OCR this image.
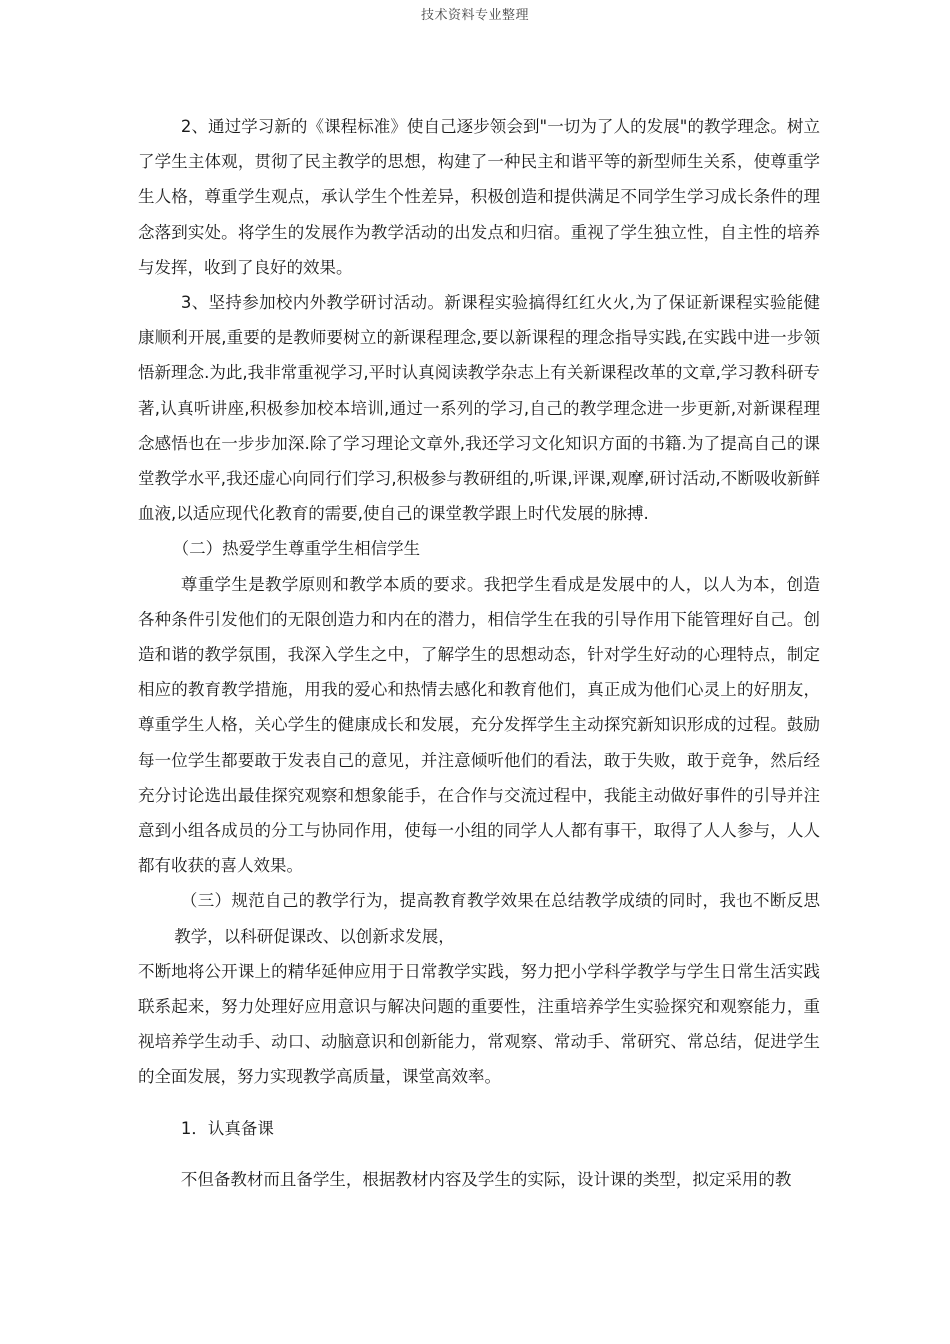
技术资料专业整理

2、通过学习新的《课程标准》使自己逐步领会到"一切为了人的发展"的教学理念。树立了学生主体观，贯彻了民主教学的思想，构建了一种民主和谐平等的新型师生关系，使尊重学生人格，尊重学生观点，承认学生个性差异，积极创造和提供满足不同学生学习成长条件的理念落到实处。将学生的发展作为教学活动的出发点和归宿。重视了学生独立性，自主性的培养与发挥，收到了良好的效果。

3、坚持参加校内外教学研讨活动。新课程实验搞得红红火火,为了保证新课程实验能健康顺利开展,重要的是教师要树立的新课程理念,要以新课程的理念指导实践,在实践中进一步领悟新理念.为此,我非常重视学习,平时认真阅读教学杂志上有关新课程改革的文章,学习教科研专著,认真听讲座,积极参加校本培训,通过一系列的学习,自己的教学理念进一步更新,对新课程理念感悟也在一步步加深.除了学习理论文章外,我还学习文化知识方面的书籍.为了提高自己的课堂教学水平,我还虚心向同行们学习,积极参与教研组的,听课,评课,观摩,研讨活动,不断吸收新鲜血液,以适应现代化教育的需要,使自己的课堂教学跟上时代发展的脉搏.

（二）热爱学生尊重学生相信学生

尊重学生是教学原则和教学本质的要求。我把学生看成是发展中的人，以人为本，创造各种条件引发他们的无限创造力和内在的潜力，相信学生在我的引导作用下能管理好自己。创造和谐的教学氛围，我深入学生之中，了解学生的思想动态，针对学生好动的心理特点，制定相应的教育教学措施，用我的爱心和热情去感化和教育他们，真正成为他们心灵上的好朋友，尊重学生人格，关心学生的健康成长和发展，充分发挥学生主动探究新知识形成的过程。鼓励每一位学生都要敢于发表自己的意见，并注意倾听他们的看法，敢于失败，敢于竞争，然后经充分讨论选出最佳探究观察和想象能手，在合作与交流过程中，我能主动做好事件的引导并注意到小组各成员的分工与协同作用，使每一小组的同学人人都有事干，取得了人人参与，人人都有收获的喜人效果。

（三）规范自己的教学行为，提高教育教学效果在总结教学成绩的同时，我也不断反思教学，以科研促课改、以创新求发展，

不断地将公开课上的精华延伸应用于日常教学实践，努力把小学科学教学与学生日常生活实践联系起来，努力处理好应用意识与解决问题的重要性，注重培养学生实验探究和观察能力，重视培养学生动手、动口、动脑意识和创新能力，常观察、常动手、常研究、常总结，促进学生的全面发展，努力实现教学高质量，课堂高效率。

1．认真备课

不但备教材而且备学生，根据教材内容及学生的实际，设计课的类型，拟定采用的教
